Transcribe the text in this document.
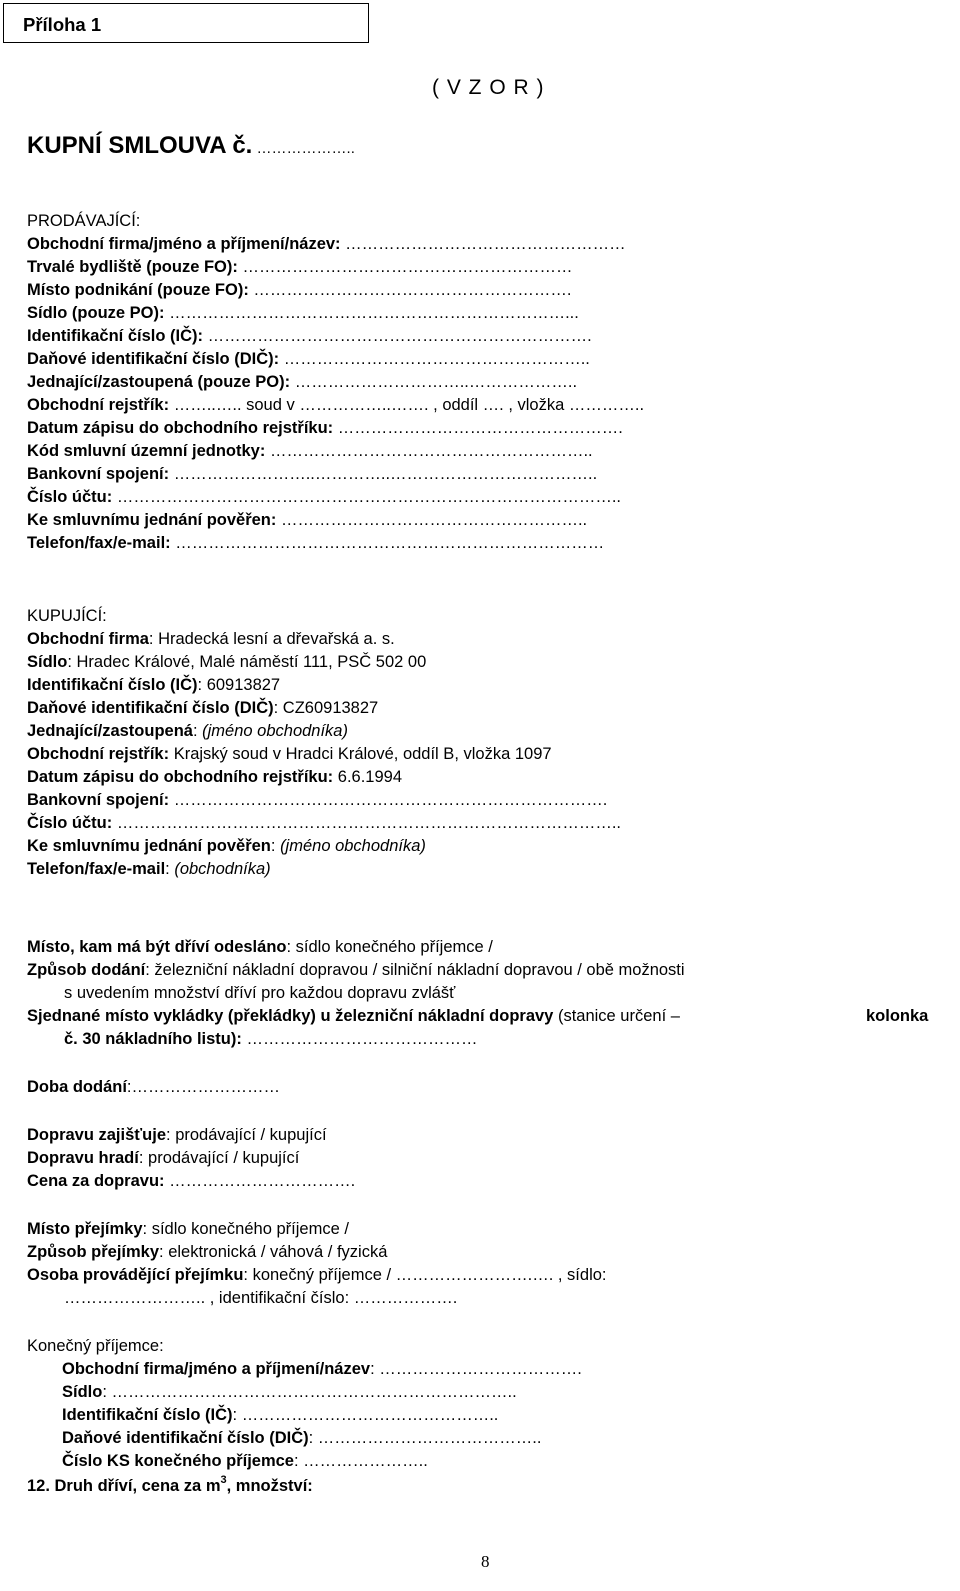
Příloha 1
( V Z O R )
KUPNÍ SMLOUVA č. ………………..
PRODÁVAJÍCÍ:
Obchodní firma/jméno a příjmení/název: ……………………………………………
Trvalé bydliště (pouze FO): ……………………………………………………
Místo podnikání (pouze FO): ………………………………………………….
Sídlo (pouze PO): ………………………………………………………………...
Identifikační číslo (IČ): …………………………………………………………….
Daňové identifikační číslo (DIČ): ………………………………………………..
Jednající/zastoupená (pouze PO): …………………………..………………..
Obchodní rejstřík: ……..….. soud v ……………..……. , oddíl …. , vložka …………..
Datum zápisu do obchodního rejstříku: …………………………………………….
Kód smluvní územní jednotky: …………………………………………………..
Bankovní spojení: ……………………..…………..………………………………..
Číslo účtu: ………………………………………………………………………………..
Ke smluvnímu jednání pověřen: ………………………………………………..
Telefon/fax/e-mail: ……………………………………………………………………
KUPUJÍCÍ:
Obchodní firma: Hradecká lesní a dřevařská a. s.
Sídlo: Hradec Králové, Malé náměstí 111, PSČ 502 00
Identifikační číslo (IČ): 60913827
Daňové identifikační číslo (DIČ): CZ60913827
Jednající/zastoupená: (jméno obchodníka)
Obchodní rejstřík: Krajský soud v Hradci Králové, oddíl B, vložka 1097
Datum zápisu do obchodního rejstříku: 6.6.1994
Bankovní spojení: …………………………………………………………………….
Číslo účtu: ………………………………………………………………………………..
Ke smluvnímu jednání pověřen: (jméno obchodníka)
Telefon/fax/e-mail: (obchodníka)
Místo, kam má být dříví odesláno: sídlo konečného příjemce /
Způsob dodání: železniční nákladní dopravou / silniční nákladní dopravou / obě možnosti
s uvedením množství dříví pro každou dopravu zvlášť
Sjednané místo vykládky (překládky) u železniční nákladní dopravy (stanice určení –	kolonka
č. 30 nákladního listu): ……………………………………
Doba dodání:………………………
Dopravu zajišťuje: prodávající / kupující
Dopravu hradí: prodávající / kupující
Cena za dopravu: …………………………….
Místo přejímky: sídlo konečného příjemce /
Způsob přejímky: elektronická / váhová / fyzická
Osoba provádějící přejímku: konečný příjemce / …………………….…. , sídlo:
…………………….. , identifikační číslo: ……………….
Konečný příjemce:
Obchodní firma/jméno a příjmení/název: ……………………………….
Sídlo: ………………………………………………………………..
Identifikační číslo (IČ): ………………………………………..
Daňové identifikační číslo (DIČ): …………………………………..
Číslo KS konečného příjemce: …………………..
12. Druh dříví, cena za $m^3$, množství:
8
